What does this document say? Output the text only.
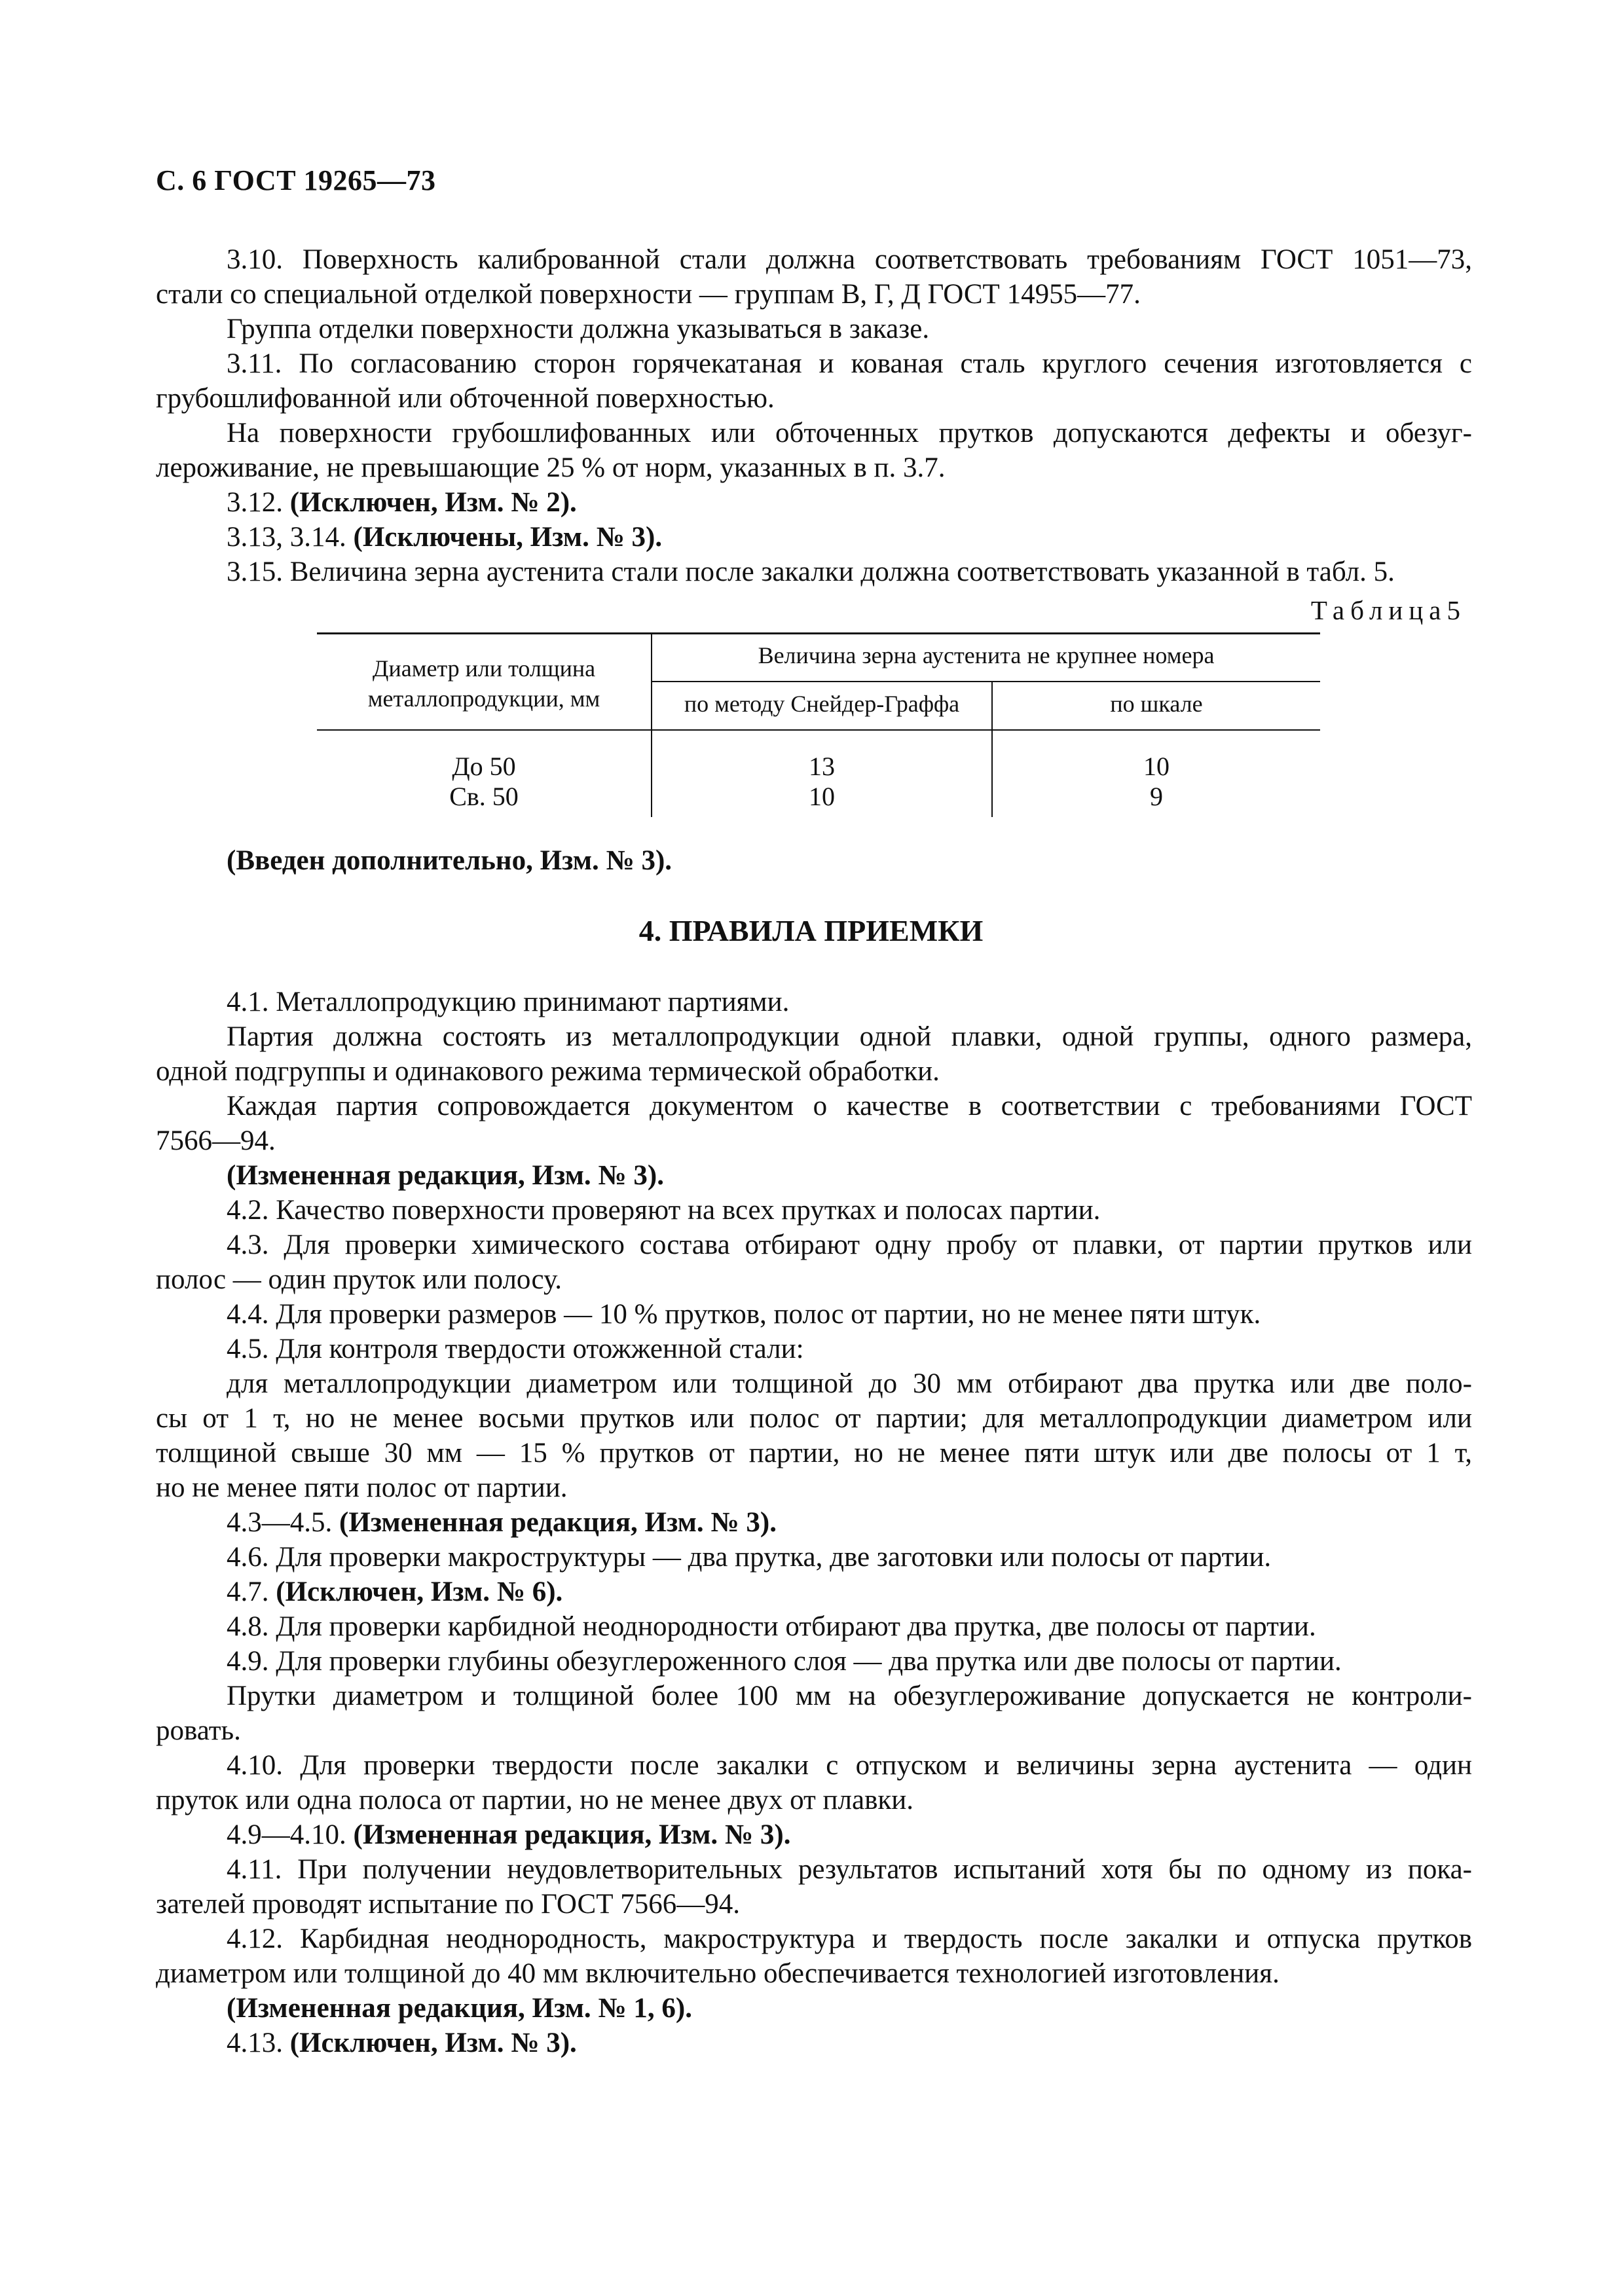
С. 6 ГОСТ 19265—73
3.10. Поверхность калиброванной стали должна соответствовать требованиям ГОСТ 1051—73,
стали со специальной отделкой поверхности — группам В, Г, Д ГОСТ 14955—77.
Группа отделки поверхности должна указываться в заказе.
3.11. По согласованию сторон горячекатаная и кованая сталь круглого сечения изготовляется с
грубошлифованной или обточенной поверхностью.
На поверхности грубошлифованных или обточенных прутков допускаются дефекты и обезуг-
лероживание, не превышающие 25 % от норм, указанных в п. 3.7.
3.12. (Исключен, Изм. № 2).
3.13, 3.14. (Исключены, Изм. № 3).
3.15. Величина зерна аустенита стали после закалки должна соответствовать указанной в табл. 5.
Таблица5
Диаметр или толщина
металлопродукции, мм
Величина зерна аустенита не крупнее номера
по методу Снейдер-Граффа	по шкале
До 50	13	10
Св. 50	10	9
(Введен дополнительно, Изм. № 3).
4. ПРАВИЛА ПРИЕМКИ
4.1. Металлопродукцию принимают партиями.
Партия должна состоять из металлопродукции одной плавки, одной группы, одного размера,
одной подгруппы и одинакового режима термической обработки.
Каждая партия сопровождается документом о качестве в соответствии с требованиями ГОСТ
7566—94.
(Измененная редакция, Изм. № 3).
4.2. Качество поверхности проверяют на всех прутках и полосах партии.
4.3. Для проверки химического состава отбирают одну пробу от плавки, от партии прутков или
полос — один пруток или полосу.
4.4. Для проверки размеров — 10 % прутков, полос от партии, но не менее пяти штук.
4.5. Для контроля твердости отожженной стали:
для металлопродукции диаметром или толщиной до 30 мм отбирают два прутка или две поло-
сы от 1 т, но не менее восьми прутков или полос от партии; для металлопродукции диаметром или
толщиной свыше 30 мм — 15 % прутков от партии, но не менее пяти штук или две полосы от 1 т,
но не менее пяти полос от партии.
4.3—4.5. (Измененная редакция, Изм. № 3).
4.6. Для проверки макроструктуры — два прутка, две заготовки или полосы от партии.
4.7. (Исключен, Изм. № 6).
4.8. Для проверки карбидной неоднородности отбирают два прутка, две полосы от партии.
4.9. Для проверки глубины обезуглероженного слоя — два прутка или две полосы от партии.
Прутки диаметром и толщиной более 100 мм на обезуглероживание допускается не контроли-
ровать.
4.10. Для проверки твердости после закалки с отпуском и величины зерна аустенита — один
пруток или одна полоса от партии, но не менее двух от плавки.
4.9—4.10. (Измененная редакция, Изм. № 3).
4.11. При получении неудовлетворительных результатов испытаний хотя бы по одному из пока-
зателей проводят испытание по ГОСТ 7566—94.
4.12. Карбидная неоднородность, макроструктура и твердость после закалки и отпуска прутков
диаметром или толщиной до 40 мм включительно обеспечивается технологией изготовления.
(Измененная редакция, Изм. № 1, 6).
4.13. (Исключен, Изм. № 3).
